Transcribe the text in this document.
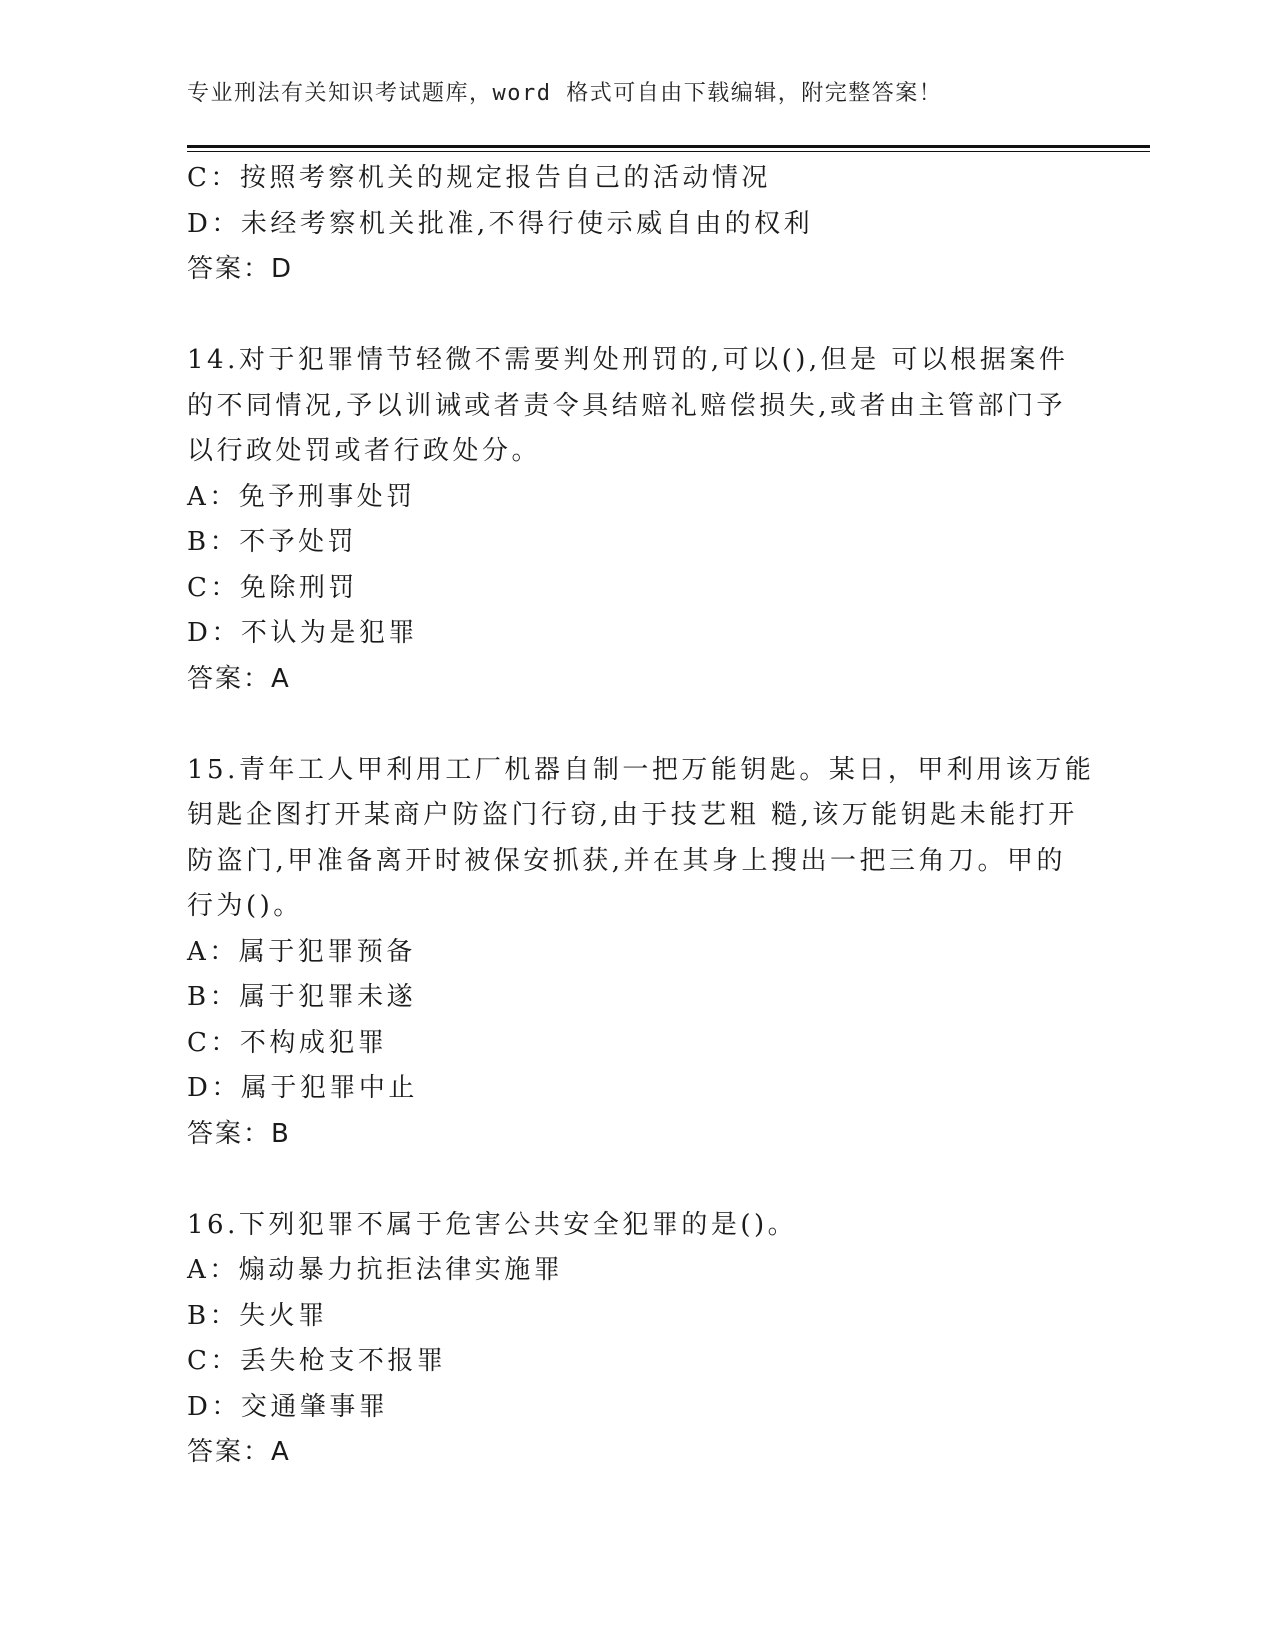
专业刑法有关知识考试题库，word 格式可自由下载编辑，附完整答案！
C：按照考察机关的规定报告自己的活动情况
D：未经考察机关批准,不得行使示威自由的权利
答案：D
14.对于犯罪情节轻微不需要判处刑罚的,可以(),但是 可以根据案件
的不同情况,予以训诫或者责令具结赔礼赔偿损失,或者由主管部门予
以行政处罚或者行政处分。
A：免予刑事处罚
B：不予处罚
C：免除刑罚
D：不认为是犯罪
答案：A
15.青年工人甲利用工厂机器自制一把万能钥匙。某日，甲利用该万能
钥匙企图打开某商户防盗门行窃,由于技艺粗 糙,该万能钥匙未能打开
防盗门,甲准备离开时被保安抓获,并在其身上搜出一把三角刀。甲的
行为()。
A：属于犯罪预备
B：属于犯罪未遂
C：不构成犯罪
D：属于犯罪中止
答案：B
16.下列犯罪不属于危害公共安全犯罪的是()。
A：煽动暴力抗拒法律实施罪
B：失火罪
C：丢失枪支不报罪
D：交通肇事罪
答案：A
